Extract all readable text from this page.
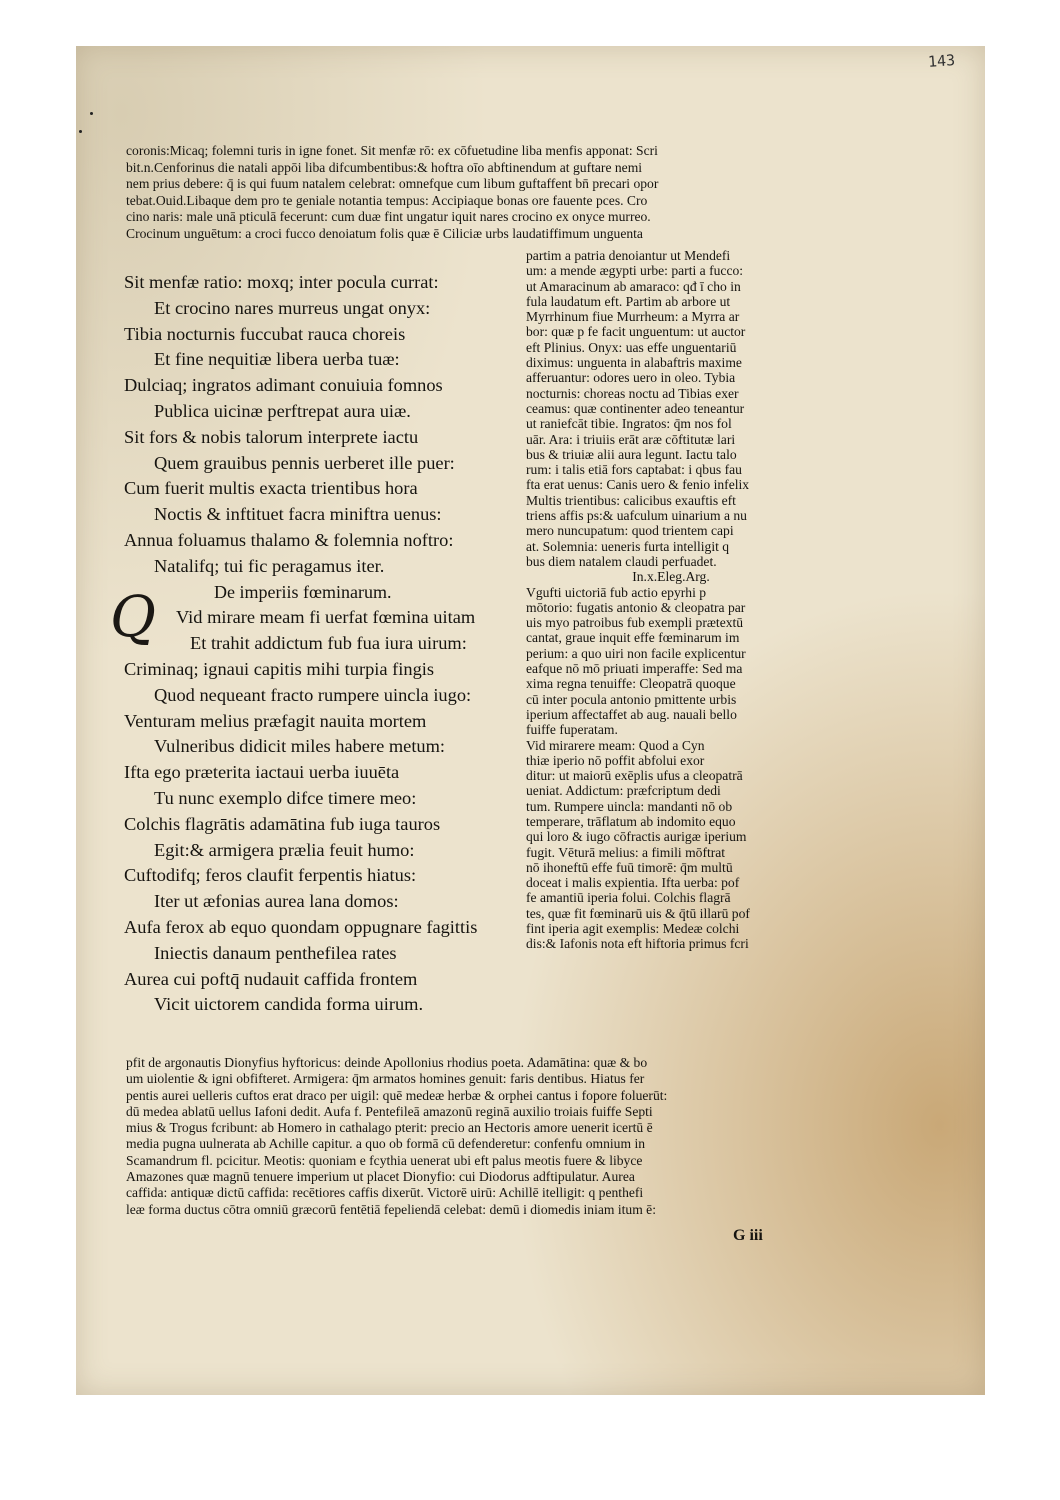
143
coronis:Micaq; folemni turis in igne fonet. Sit menfæ rō: ex cōfuetudine liba menfis apponat: Scri
bit.n.Cenforinus die natali appōi liba difcumbentibus:& hoftra oīo abftinendum at guftare nemi
nem prius debere: q̄ is qui fuum natalem celebrat: omnefque cum libum guftaffent bn̄ precari opor
tebat.Ouid.Libaque dem pro te geniale notantia tempus: Accipiaque bonas ore fauente pces. Cro
cino naris: male unā pticulā fecerunt: cum duæ fint ungatur iquit nares crocino ex onyce murreo.
Crocinum unguētum: a croci fucco denoiatum folis quæ ē Ciliciæ urbs laudatiffimum unguenta
Sit menfæ ratio: moxq; inter pocula currat:
Et crocino nares murreus ungat onyx:
Tibia nocturnis fuccubat rauca choreis
Et fine nequitiæ libera uerba tuæ:
Dulciaq; ingratos adimant conuiuia fomnos
Publica uicinæ perftrepat aura uiæ.
Sit fors & nobis talorum interprete iactu
Quem grauibus pennis uerberet ille puer:
Cum fuerit multis exacta trientibus hora
Noctis & inftituet facra miniftra uenus:
Annua foluamus thalamo & folemnia noftro:
Natalifq; tui fic peragamus iter.
De imperiis fœminarum.
Vid mirare meam fi uerfat fœmina uitam
Et trahit addictum fub fua iura uirum:
Criminaq; ignaui capitis mihi turpia fingis
Quod nequeant fracto rumpere uincla iugo:
Venturam melius præfagit nauita mortem
Vulneribus didicit miles habere metum:
Ifta ego præterita iactaui uerba iuuēta
Tu nunc exemplo difce timere meo:
Colchis flagrātis adamātina fub iuga tauros
Egit:& armigera prælia feuit humo:
Cuftodifq; feros claufit ferpentis hiatus:
Iter ut æfonias aurea lana domos:
Aufa ferox ab equo quondam oppugnare fagittis
Iniectis danaum penthefilea rates
Aurea cui poftq̄ nudauit caffida frontem
Vicit uictorem candida forma uirum.
Q
partim a patria denoiantur ut Mendefi
um: a mende ægypti urbe: parti a fucco:
ut Amaracinum ab amaraco: qđ ī cho in
fula laudatum eft. Partim ab arbore ut
Myrrhinum fiue Murrheum: a Myrra ar
bor: quæ p fe facit unguentum: ut auctor
eft Plinius. Onyx: uas effe unguentariū
diximus: unguenta in alabaftris maxime
afferuantur: odores uero in oleo. Tybia
nocturnis: choreas noctu ad Tibias exer
ceamus: quæ continenter adeo teneantur
ut raniefcāt tibie. Ingratos: q̄m nos fol
uār. Ara: i triuiis erāt aræ cōftitutæ lari
bus & triuiæ alii aura legunt. Iactu talo
rum: i talis etiā fors captabat: i qbus fau
fta erat uenus: Canis uero & fenio infelix
Multis trientibus: calicibus exauftis eft
triens affis ps:& uafculum uinarium a nu
mero nuncupatum: quod trientem capi
at. Solemnia: ueneris furta intelligit q
bus diem natalem claudi perfuadet.
In.x.Eleg.Arg.
Vgufti uictoriā fub actio epyrhi p
mōtorio: fugatis antonio & cleopatra par
uis myo patroibus fub exempli prætextū
cantat, graue inquit effe fœminarum im
perium: a quo uiri non facile explicentur
eafque nō mō priuati imperaffe: Sed ma
xima regna tenuiffe: Cleopatrā quoque
cū inter pocula antonio pmittente urbis
iperium affectaffet ab aug. nauali bello
fuiffe fuperatam.
Vid mirarere meam: Quod a Cyn
thiæ iperio nō poffit abfolui exor
ditur: ut maiorū exēplis ufus a cleopatrā
ueniat. Addictum: præfcriptum dedi
tum. Rumpere uincla: mandanti nō ob
temperare, trāflatum ab indomito equo
qui loro & iugo cōfractis aurigæ iperium
fugit. Vēturā melius: a fimili mōftrat
nō ihoneftū effe fuū timorē: q̄m multū
doceat i malis expientia. Ifta uerba: pof
fe amantiū iperia folui. Colchis flagrā
tes, quæ fit fœminarū uis & q̄tū illarū pof
fint iperia agit exemplis: Medeæ colchi
dis:& Iafonis nota eft hiftoria primus fcri
pfit de argonautis Dionyfius hyftoricus: deinde Apollonius rhodius poeta. Adamātina: quæ & bo
um uiolentie & igni obfifteret. Armigera: q̄m armatos homines genuit: faris dentibus. Hiatus fer
pentis aurei uelleris cuftos erat draco per uigil: quē medeæ herbæ & orphei cantus i fopore foluerūt:
dū medea ablatū uellus Iafoni dedit. Aufa f. Pentefileā amazonū reginā auxilio troiais fuiffe Septi
mius & Trogus fcribunt: ab Homero in cathalago pterit: precio an Hectoris amore uenerit icertū ē
media pugna uulnerata ab Achille capitur. a quo ob formā cū defenderetur: confenfu omnium in
Scamandrum fl. pcicitur. Meotis: quoniam e fcythia uenerat ubi eft palus meotis fuere & libyce
Amazones quæ magnū tenuere imperium ut placet Dionyfio: cui Diodorus adftipulatur. Aurea
caffida: antiquæ dictū caffida: recētiores caffis dixerūt. Victorē uirū: Achillē itelligit: q penthefi
leæ forma ductus cōtra omniū græcorū fentētiā fepeliendā celebat: demū i diomedis iniam itum ē:
G iii
